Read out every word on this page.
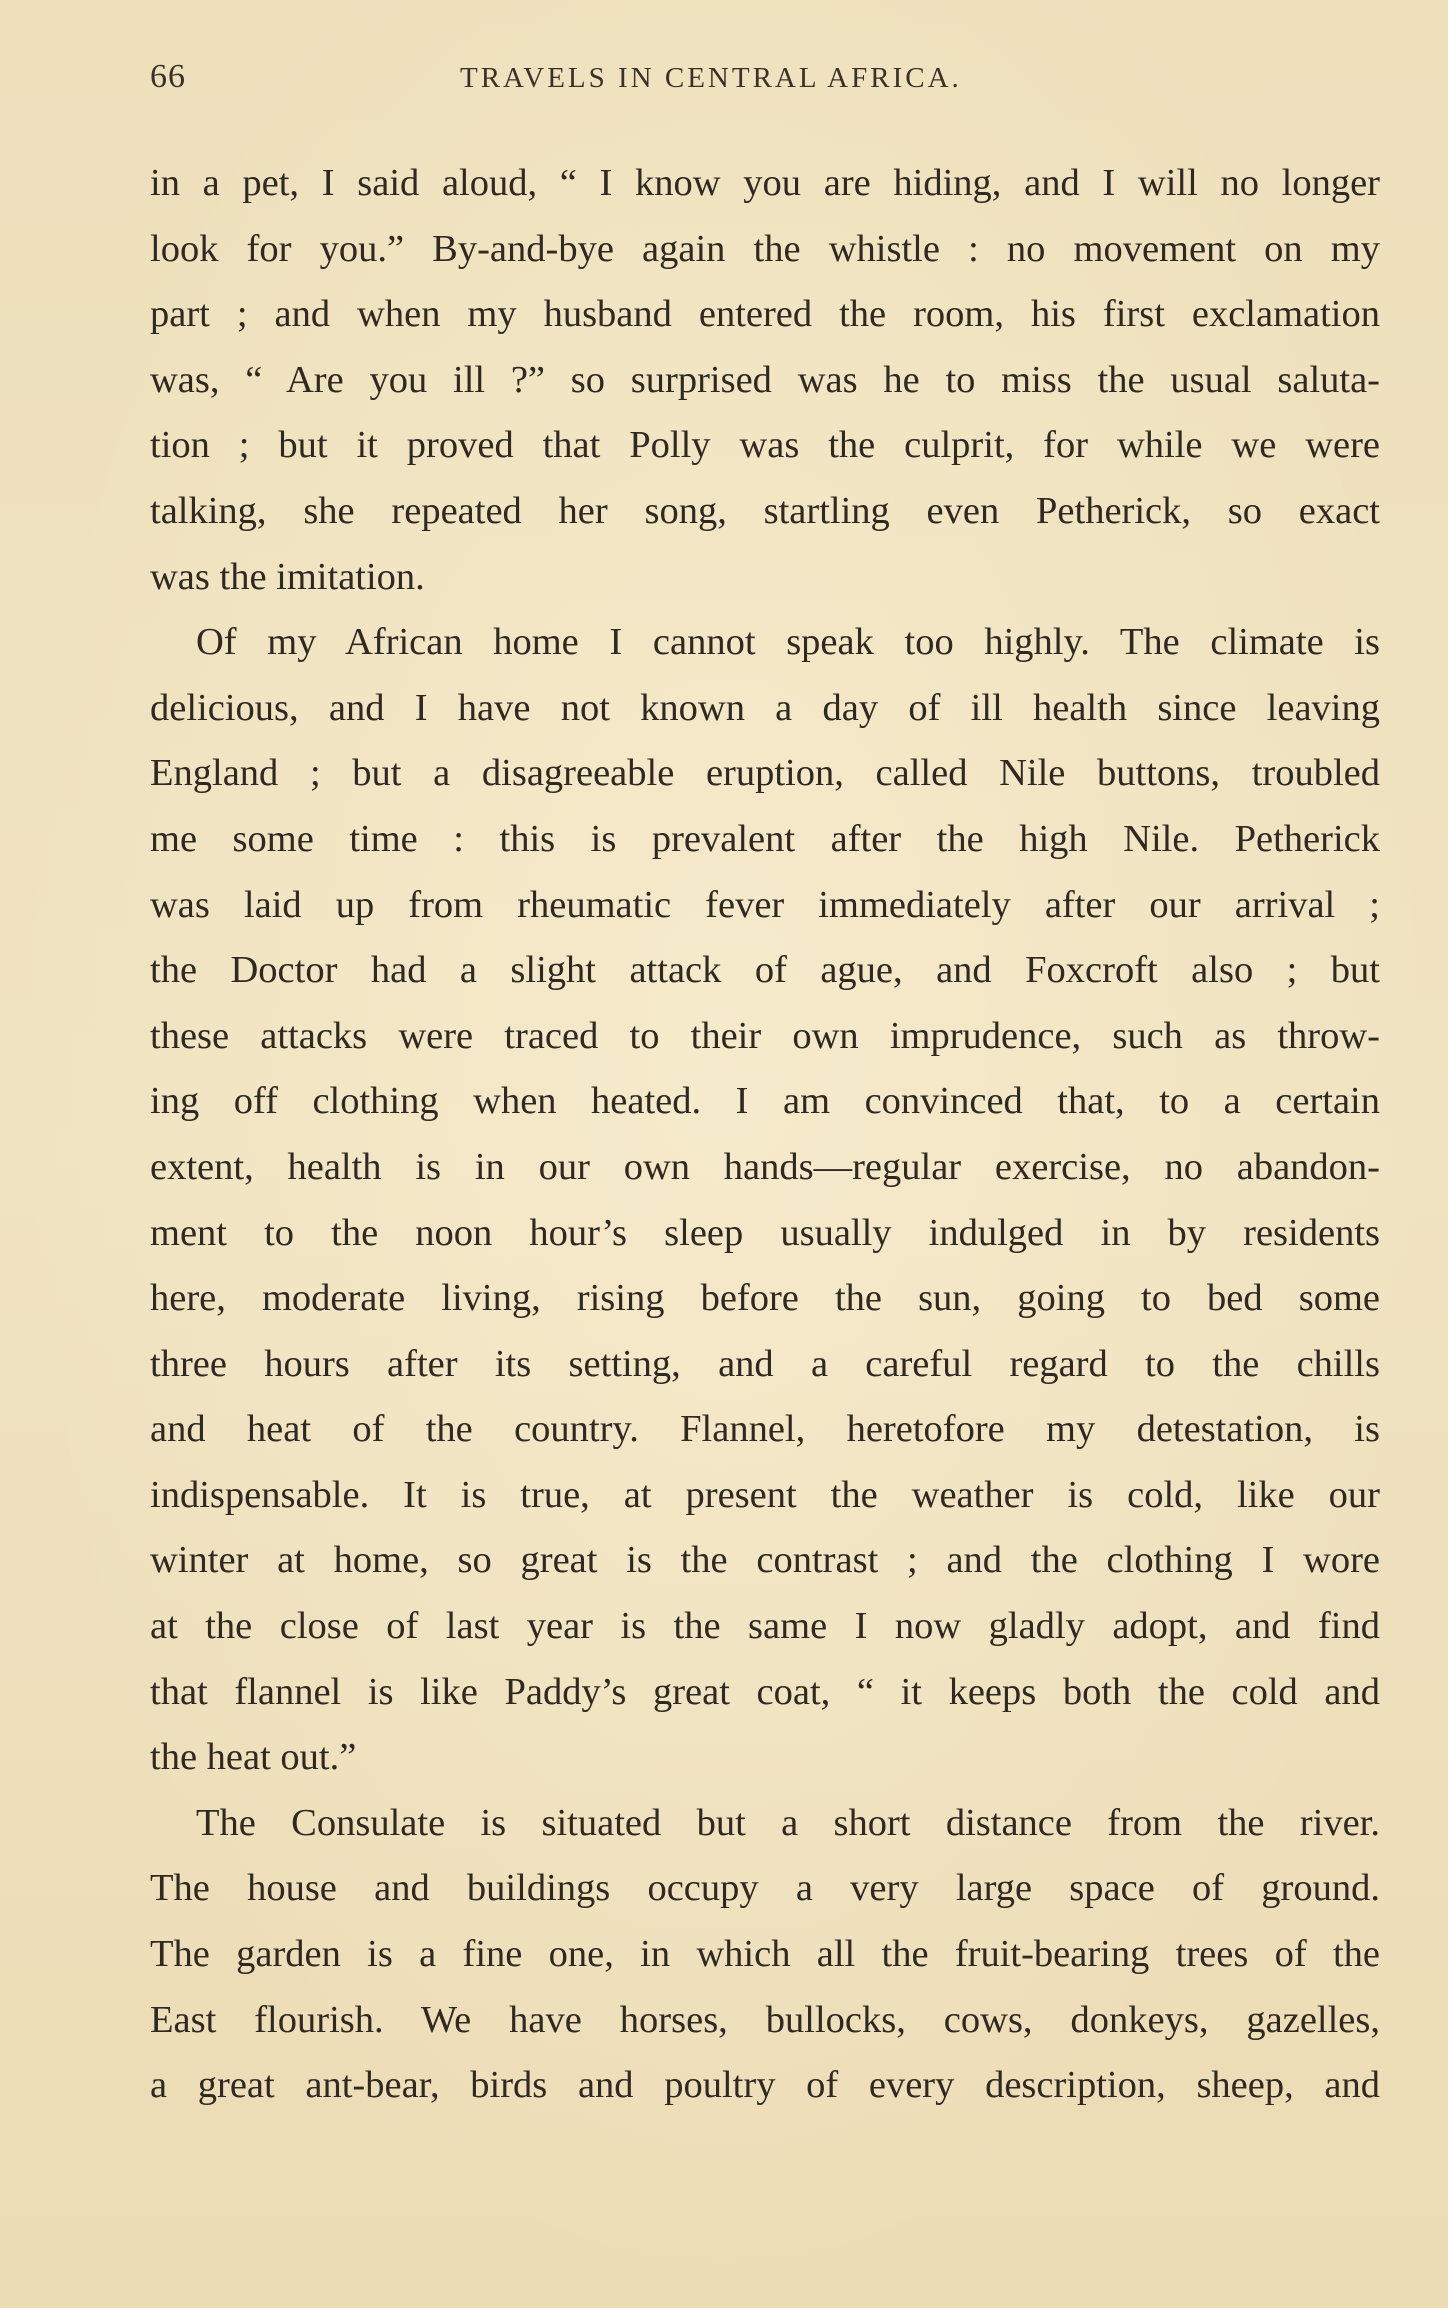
66	TRAVELS IN CENTRAL AFRICA.
in a pet, I said aloud, “ I know you are hiding, and I will no longer
look for you.” By-and-bye again the whistle : no movement on my
part ; and when my husband entered the room, his first exclamation
was, “ Are you ill ?” so surprised was he to miss the usual saluta-
tion ; but it proved that Polly was the culprit, for while we were
talking, she repeated her song, startling even Petherick, so exact
was the imitation.
Of my African home I cannot speak too highly. The climate is
delicious, and I have not known a day of ill health since leaving
England ; but a disagreeable eruption, called Nile buttons, troubled
me some time : this is prevalent after the high Nile. Petherick
was laid up from rheumatic fever immediately after our arrival ;
the Doctor had a slight attack of ague, and Foxcroft also ; but
these attacks were traced to their own imprudence, such as throw-
ing off clothing when heated. I am convinced that, to a certain
extent, health is in our own hands—regular exercise, no abandon-
ment to the noon hour’s sleep usually indulged in by residents
here, moderate living, rising before the sun, going to bed some
three hours after its setting, and a careful regard to the chills
and heat of the country. Flannel, heretofore my detestation, is
indispensable. It is true, at present the weather is cold, like our
winter at home, so great is the contrast ; and the clothing I wore
at the close of last year is the same I now gladly adopt, and find
that flannel is like Paddy’s great coat, “ it keeps both the cold and
the heat out.”
The Consulate is situated but a short distance from the river.
The house and buildings occupy a very large space of ground.
The garden is a fine one, in which all the fruit-bearing trees of the
East flourish. We have horses, bullocks, cows, donkeys, gazelles,
a great ant-bear, birds and poultry of every description, sheep, and
